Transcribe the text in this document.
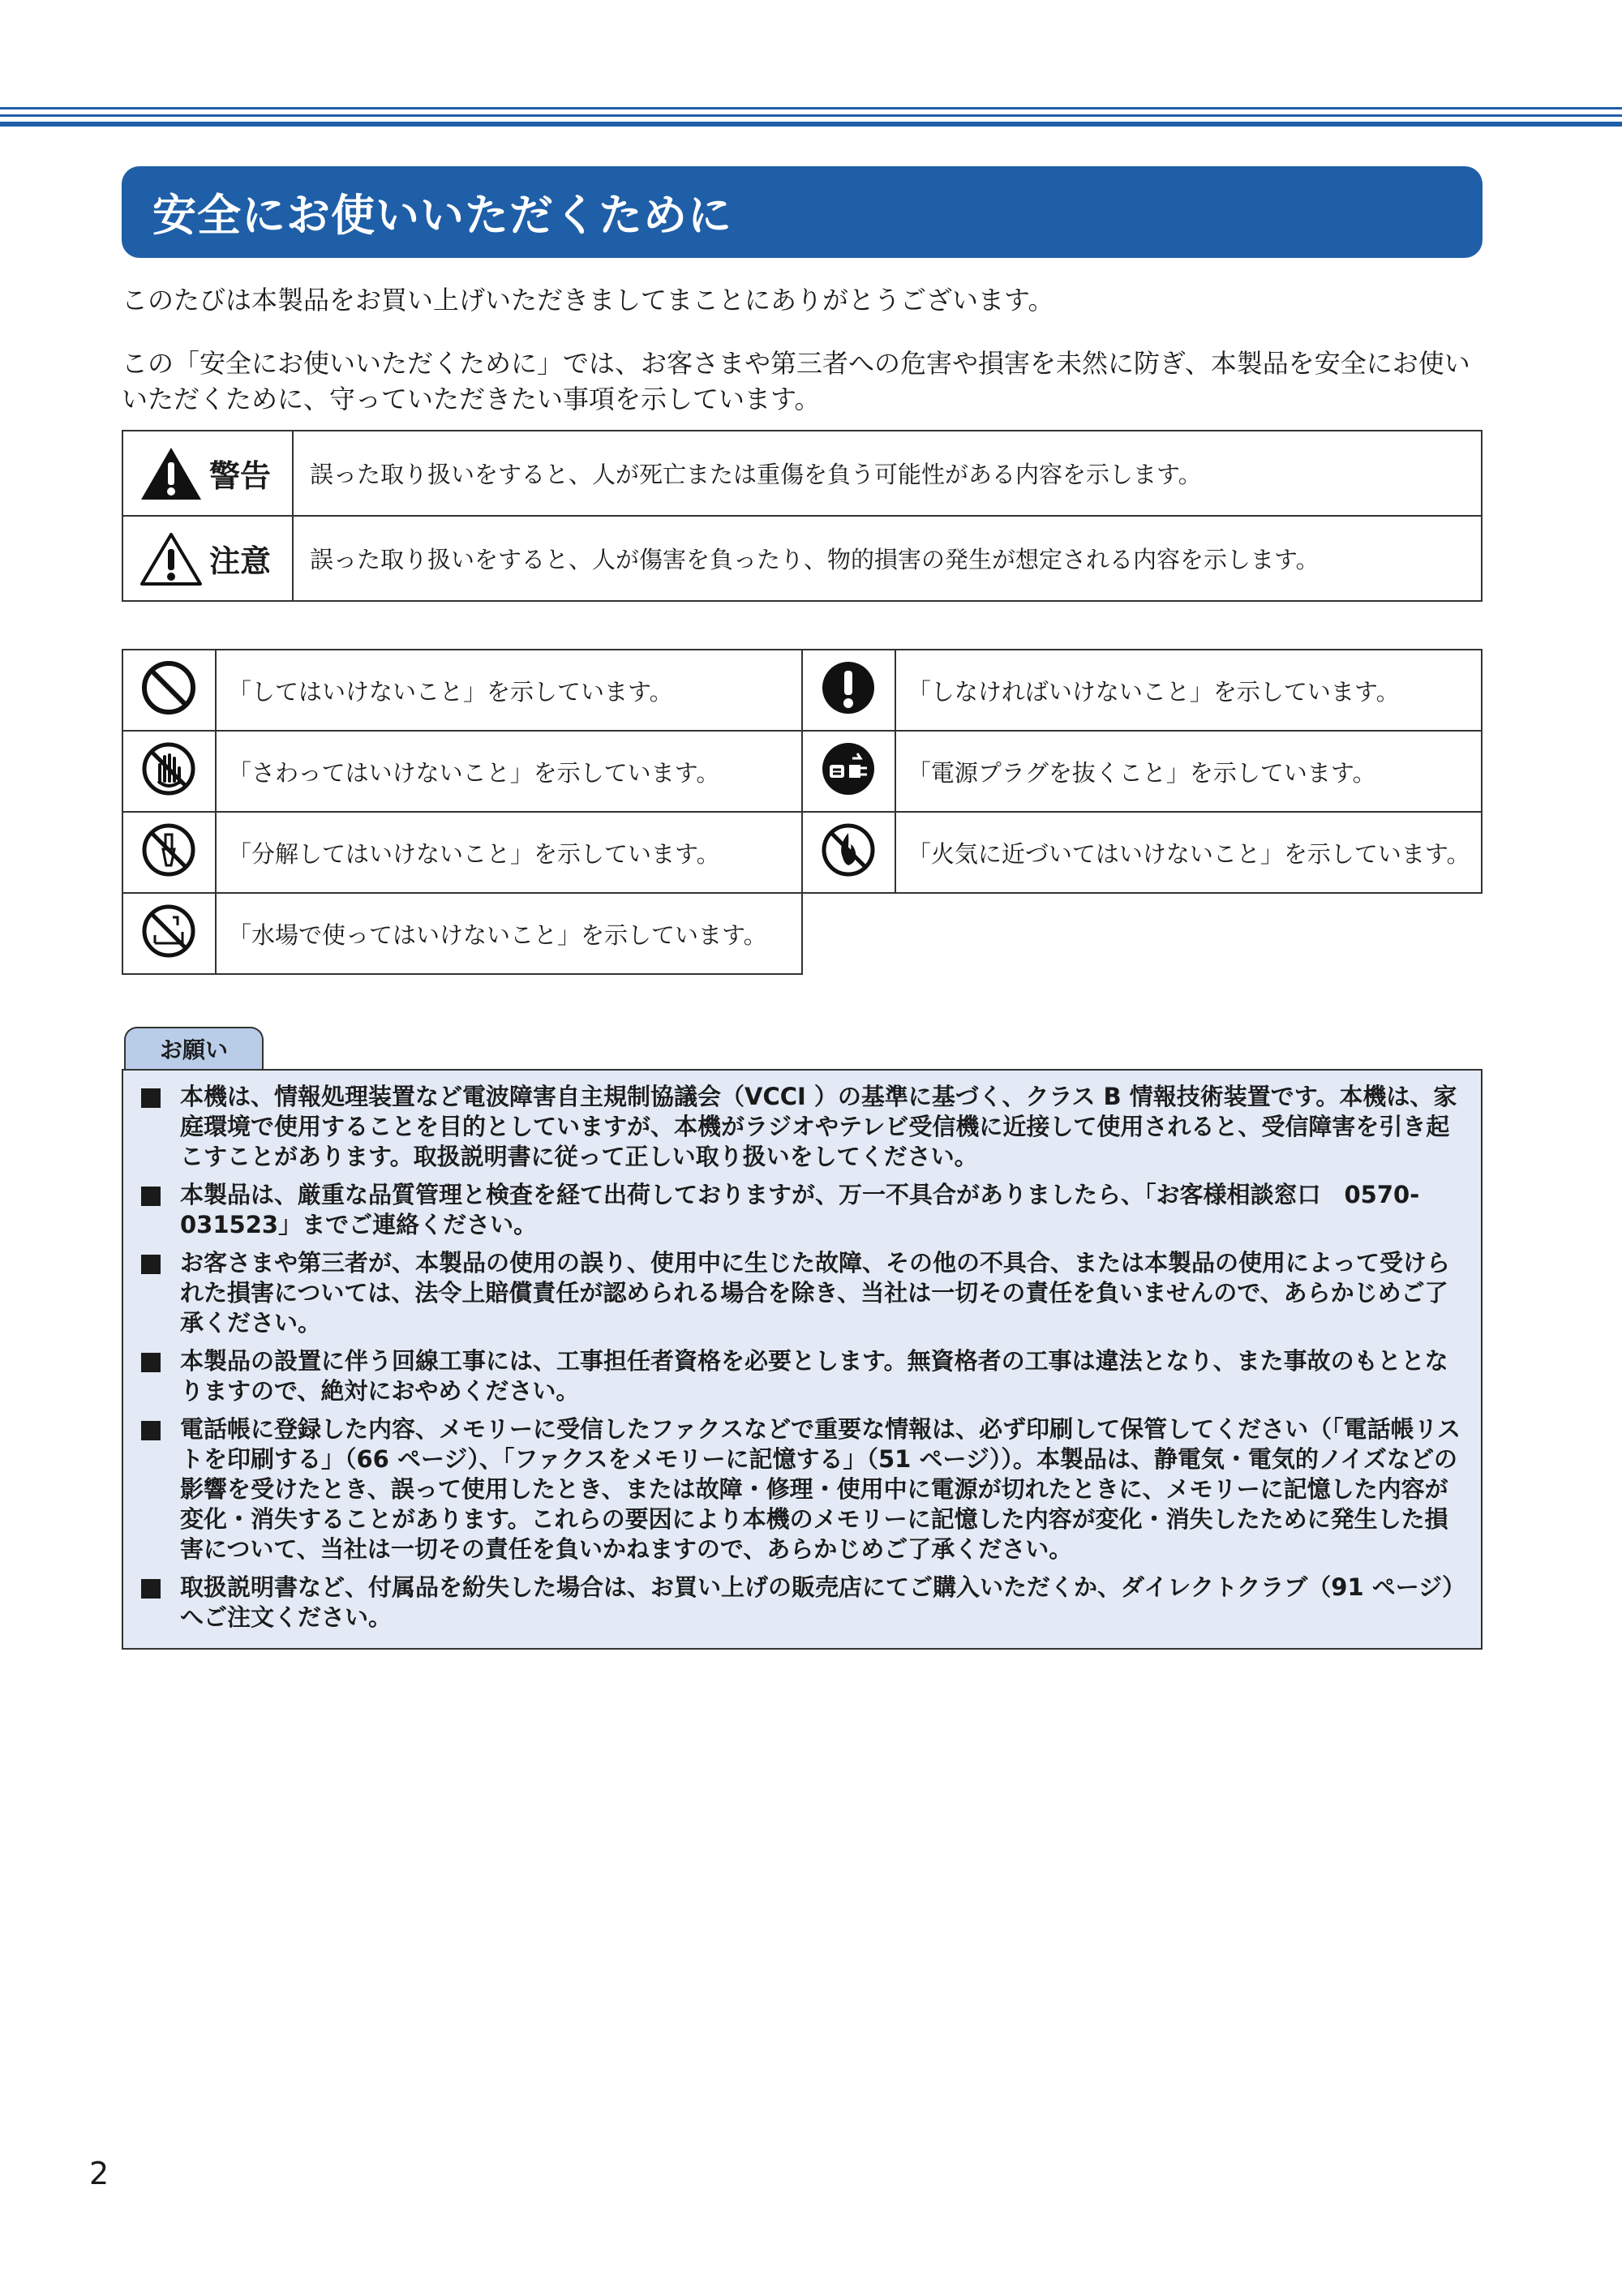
安全にお使いいただくために

このたびは本製品をお買い上げいただきましてまことにありがとうございます。

この「安全にお使いいただくために」では、お客さまや第三者への危害や損害を未然に防ぎ、本製品を安全にお使いいただくために、守っていただきたい事項を示しています。

警告	誤った取り扱いをすると、人が死亡または重傷を負う可能性がある内容を示します。
注意	誤った取り扱いをすると、人が傷害を負ったり、物的損害の発生が想定される内容を示します。
	「してはいけないこと」を示しています。		「しなければいけないこと」を示しています。
	「さわってはいけないこと」を示しています。		「電源プラグを抜くこと」を示しています。
	「分解してはいけないこと」を示しています。		「火気に近づいてはいけないこと」を示しています。
	「水場で使ってはいけないこと」を示しています。		
お願い
本機は、情報処理装置など電波障害自主規制協議会（VCCI ）の基準に基づく、クラス B 情報技術装置です。本機は、家庭環境で使用することを目的としていますが、本機がラジオやテレビ受信機に近接して使用されると、受信障害を引き起こすことがあります。取扱説明書に従って正しい取り扱いをしてください。
本製品は、厳重な品質管理と検査を経て出荷しておりますが、万一不具合がありましたら、「お客様相談窓口　0570-031523」までご連絡ください。
お客さまや第三者が、本製品の使用の誤り、使用中に生じた故障、その他の不具合、または本製品の使用によって受けられた損害については、法令上賠償責任が認められる場合を除き、当社は一切その責任を負いませんので、あらかじめご了承ください。
本製品の設置に伴う回線工事には、工事担任者資格を必要とします。無資格者の工事は違法となり、また事故のもととなりますので、絶対におやめください。
電話帳に登録した内容、メモリーに受信したファクスなどで重要な情報は、必ず印刷して保管してください（「電話帳リストを印刷する」（66 ページ）、「ファクスをメモリーに記憶する」（51 ページ））。本製品は、静電気・電気的ノイズなどの影響を受けたとき、誤って使用したとき、または故障・修理・使用中に電源が切れたときに、メモリーに記憶した内容が変化・消失することがあります。これらの要因により本機のメモリーに記憶した内容が変化・消失したために発生した損害について、当社は一切その責任を負いかねますので、あらかじめご了承ください。
取扱説明書など、付属品を紛失した場合は、お買い上げの販売店にてご購入いただくか、ダイレクトクラブ（91 ページ）へご注文ください。
2
